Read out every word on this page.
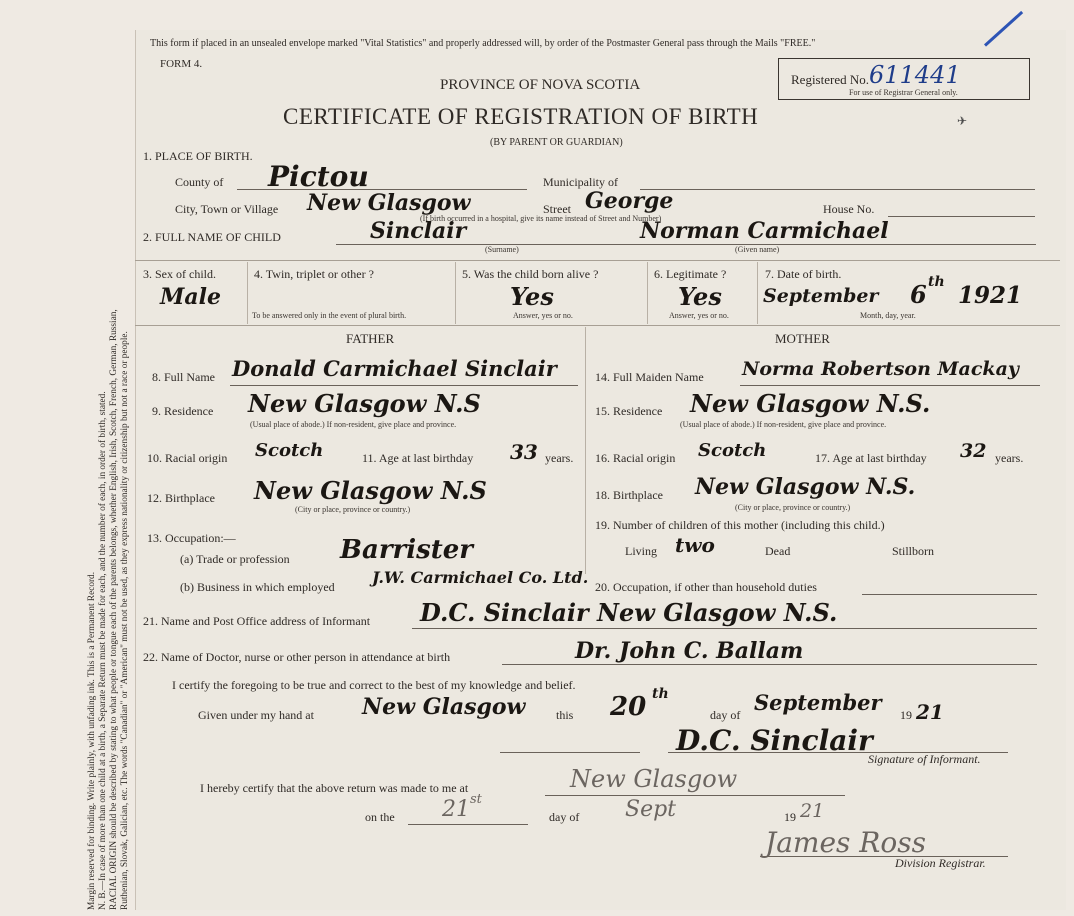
Margin reserved for binding. Write plainly, with unfading ink. This is a Permanent Record. N. B.—In case of more than one child at a birth, a Separate Return must be made for each, and the number of each, in order of birth, stated. RACIAL ORIGIN should be described by stating to what people or tongue each of the parents belongs, whether English, Irish, Scotch, French, German, Russian, Ruthenian, Slovak, Galician, etc. The words "Canadian" or "American" must not be used, as they express nationality or citizenship but not a race or people.
This form if placed in an unsealed envelope marked "Vital Statistics" and properly addressed will, by order of the Postmaster General pass through the Mails "FREE."
FORM 4.
PROVINCE OF NOVA SCOTIA
CERTIFICATE OF REGISTRATION OF BIRTH
(BY PARENT OR GUARDIAN)
Registered No. 611441
For use of Registrar General only.
✈
1. PLACE OF BIRTH.
County of Pictou	Municipality of
City, Town or Village New Glasgow	Street George
(If birth occurred in a hospital, give its name instead of Street and Number)
House No.
2. FULL NAME OF CHILD	Sinclair
(Surname)
Norman Carmichael
(Given name)
3. Sex of child.
Male
4. Twin, triplet or other ?
To be answered only in the event of plural birth.
5. Was the child born alive ?
Yes
Answer, yes or no.
6. Legitimate ?
Yes
Answer, yes or no.
7. Date of birth.
September 6 th 1921
Month, day, year.
FATHER
8. Full Name Donald Carmichael Sinclair
9. Residence New Glasgow N.S
(Usual place of abode.) If non-resident, give place and province.
10. Racial origin Scotch	11. Age at last birthday 33 years.
12. Birthplace New Glasgow N.S
(City or place, province or country.)
13. Occupation:—
(a) Trade or profession Barrister
(b) Business in which employed J.W. Carmichael Co. Ltd.
MOTHER
14. Full Maiden Name Norma Robertson Mackay
15. Residence New Glasgow N.S.
(Usual place of abode.) If non-resident, give place and province.
16. Racial origin Scotch	17. Age at last birthday 32 years.
18. Birthplace New Glasgow N.S.
(City or place, province or country.)
19. Number of children of this mother (including this child.)
Living two	Dead	Stillborn
20. Occupation, if other than household duties
21. Name and Post Office address of Informant D.C. Sinclair New Glasgow N.S.
22. Name of Doctor, nurse or other person in attendance at birth	Dr. John C. Ballam
I certify the foregoing to be true and correct to the best of my knowledge and belief.
Given under my hand at New Glasgow	this 20 th
day of September 19 21
D.C. Sinclair
Signature of Informant.
I hereby certify that the above return was made to me at	New Glasgow
on the 21 st
day of Sept	19 21
James Ross
Division Registrar.
